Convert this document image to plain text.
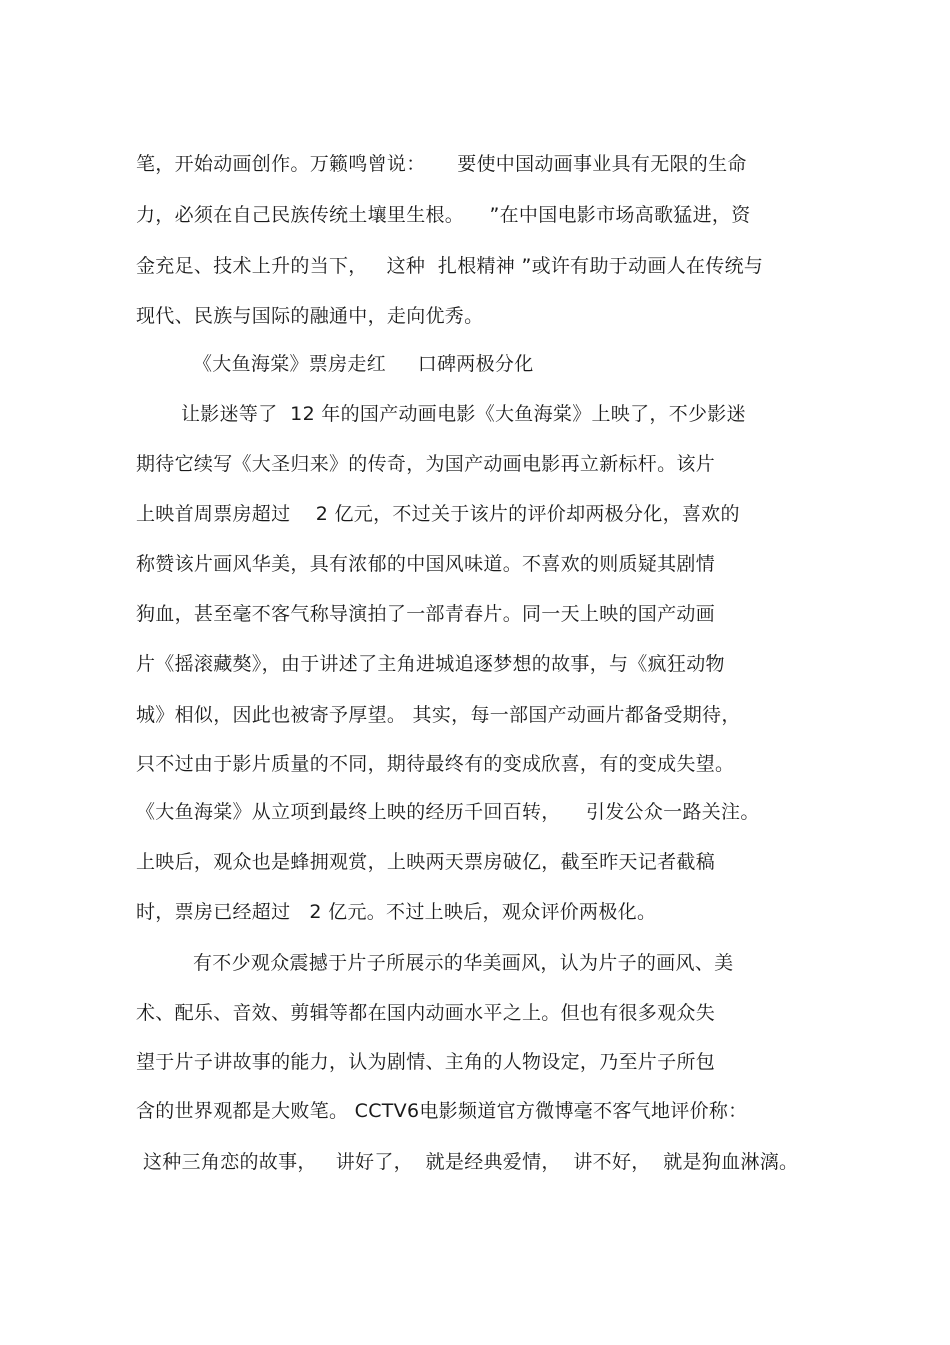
笔，开始动画创作。万籁鸣曾说：     要使中国动画事业具有无限的生命
力，必须在自己民族传统土壤里生根。    ”在中国电影市场高歌猛进，资
金充足、技术上升的当下，   这种  扎根精神 ”或许有助于动画人在传统与
现代、民族与国际的融通中，走向优秀。
《大鱼海棠》票房走红     口碑两极分化
让影迷等了  12 年的国产动画电影《大鱼海棠》上映了，不少影迷
期待它续写《大圣归来》的传奇，为国产动画电影再立新标杆。该片
上映首周票房超过    2 亿元，不过关于该片的评价却两极分化，喜欢的
称赞该片画风华美，具有浓郁的中国风味道。不喜欢的则质疑其剧情
狗血，甚至毫不客气称导演拍了一部青春片。同一天上映的国产动画
片《摇滚藏獒》，由于讲述了主角进城追逐梦想的故事，与《疯狂动物
城》相似，因此也被寄予厚望。 其实，每一部国产动画片都备受期待，
只不过由于影片质量的不同，期待最终有的变成欣喜，有的变成失望。
《大鱼海棠》从立项到最终上映的经历千回百转，    引发公众一路关注。
上映后，观众也是蜂拥观赏，上映两天票房破亿，截至昨天记者截稿
时，票房已经超过   2 亿元。不过上映后，观众评价两极化。
有不少观众震撼于片子所展示的华美画风，认为片子的画风、美
术、配乐、音效、剪辑等都在国内动画水平之上。但也有很多观众失
望于片子讲故事的能力，认为剧情、主角的人物设定，乃至片子所包
含的世界观都是大败笔。 CCTV6电影频道官方微博毫不客气地评价称：
这种三角恋的故事，   讲好了，  就是经典爱情，  讲不好，  就是狗血淋漓。
